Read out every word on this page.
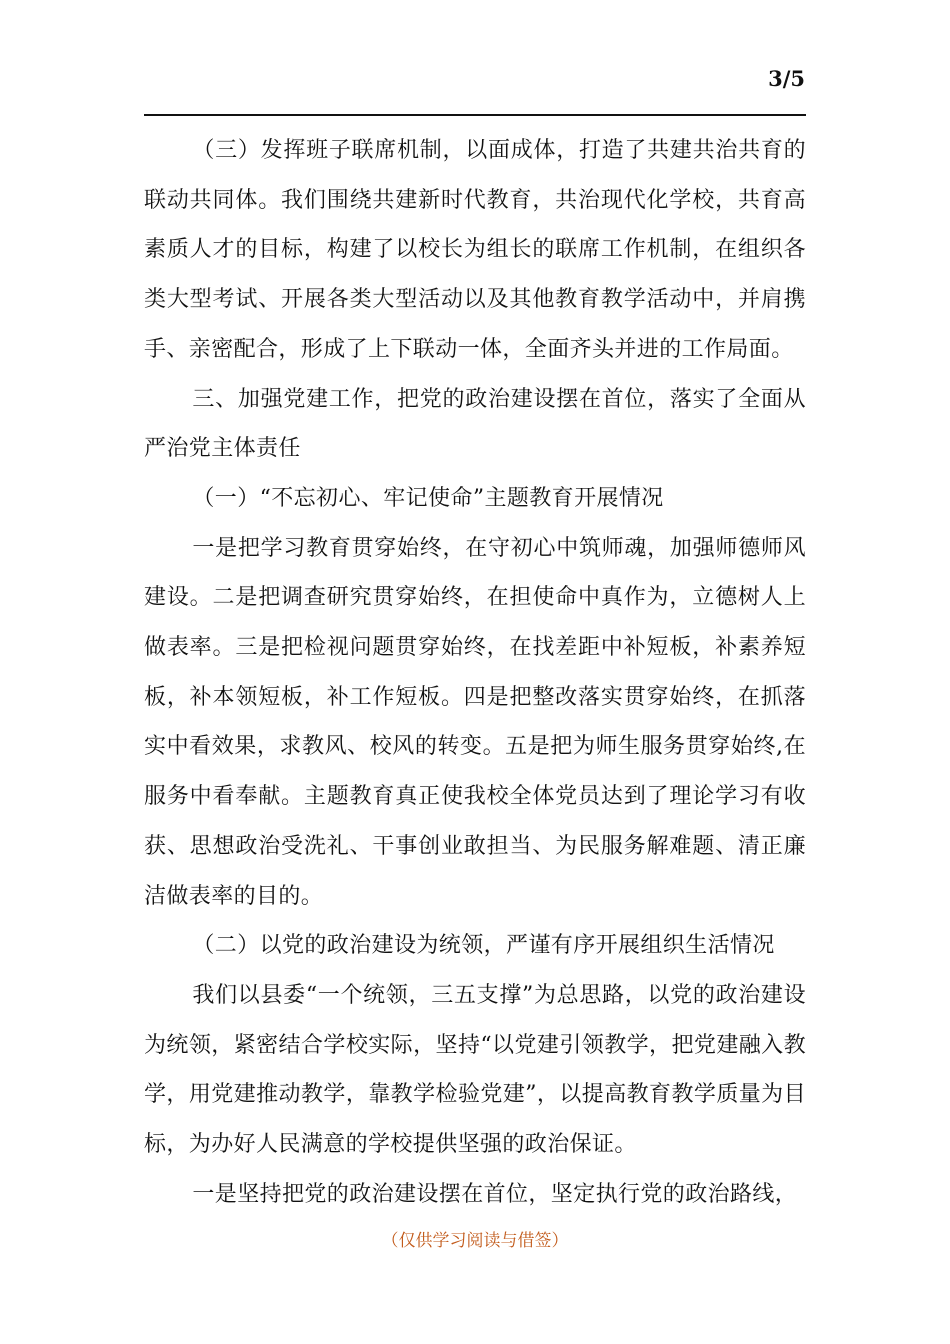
3/5

（三）发挥班子联席机制，以面成体，打造了共建共治共育的联动共同体。我们围绕共建新时代教育，共治现代化学校，共育高素质人才的目标，构建了以校长为组长的联席工作机制，在组织各类大型考试、开展各类大型活动以及其他教育教学活动中，并肩携手、亲密配合，形成了上下联动一体，全面齐头并进的工作局面。

三、加强党建工作，把党的政治建设摆在首位，落实了全面从严治党主体责任

（一）“不忘初心、牢记使命”主题教育开展情况

一是把学习教育贯穿始终，在守初心中筑师魂，加强师德师风建设。二是把调查研究贯穿始终，在担使命中真作为，立德树人上做表率。三是把检视问题贯穿始终，在找差距中补短板，补素养短板，补本领短板，补工作短板。四是把整改落实贯穿始终，在抓落实中看效果，求教风、校风的转变。五是把为师生服务贯穿始终,在服务中看奉献。主题教育真正使我校全体党员达到了理论学习有收获、思想政治受洗礼、干事创业敢担当、为民服务解难题、清正廉洁做表率的目的。

（二）以党的政治建设为统领，严谨有序开展组织生活情况

我们以县委“一个统领，三五支撑”为总思路，以党的政治建设为统领，紧密结合学校实际，坚持“以党建引领教学，把党建融入教学，用党建推动教学，靠教学检验党建”，以提高教育教学质量为目标，为办好人民满意的学校提供坚强的政治保证。

一是坚持把党的政治建设摆在首位，坚定执行党的政治路线，

（仅供学习阅读与借签）
